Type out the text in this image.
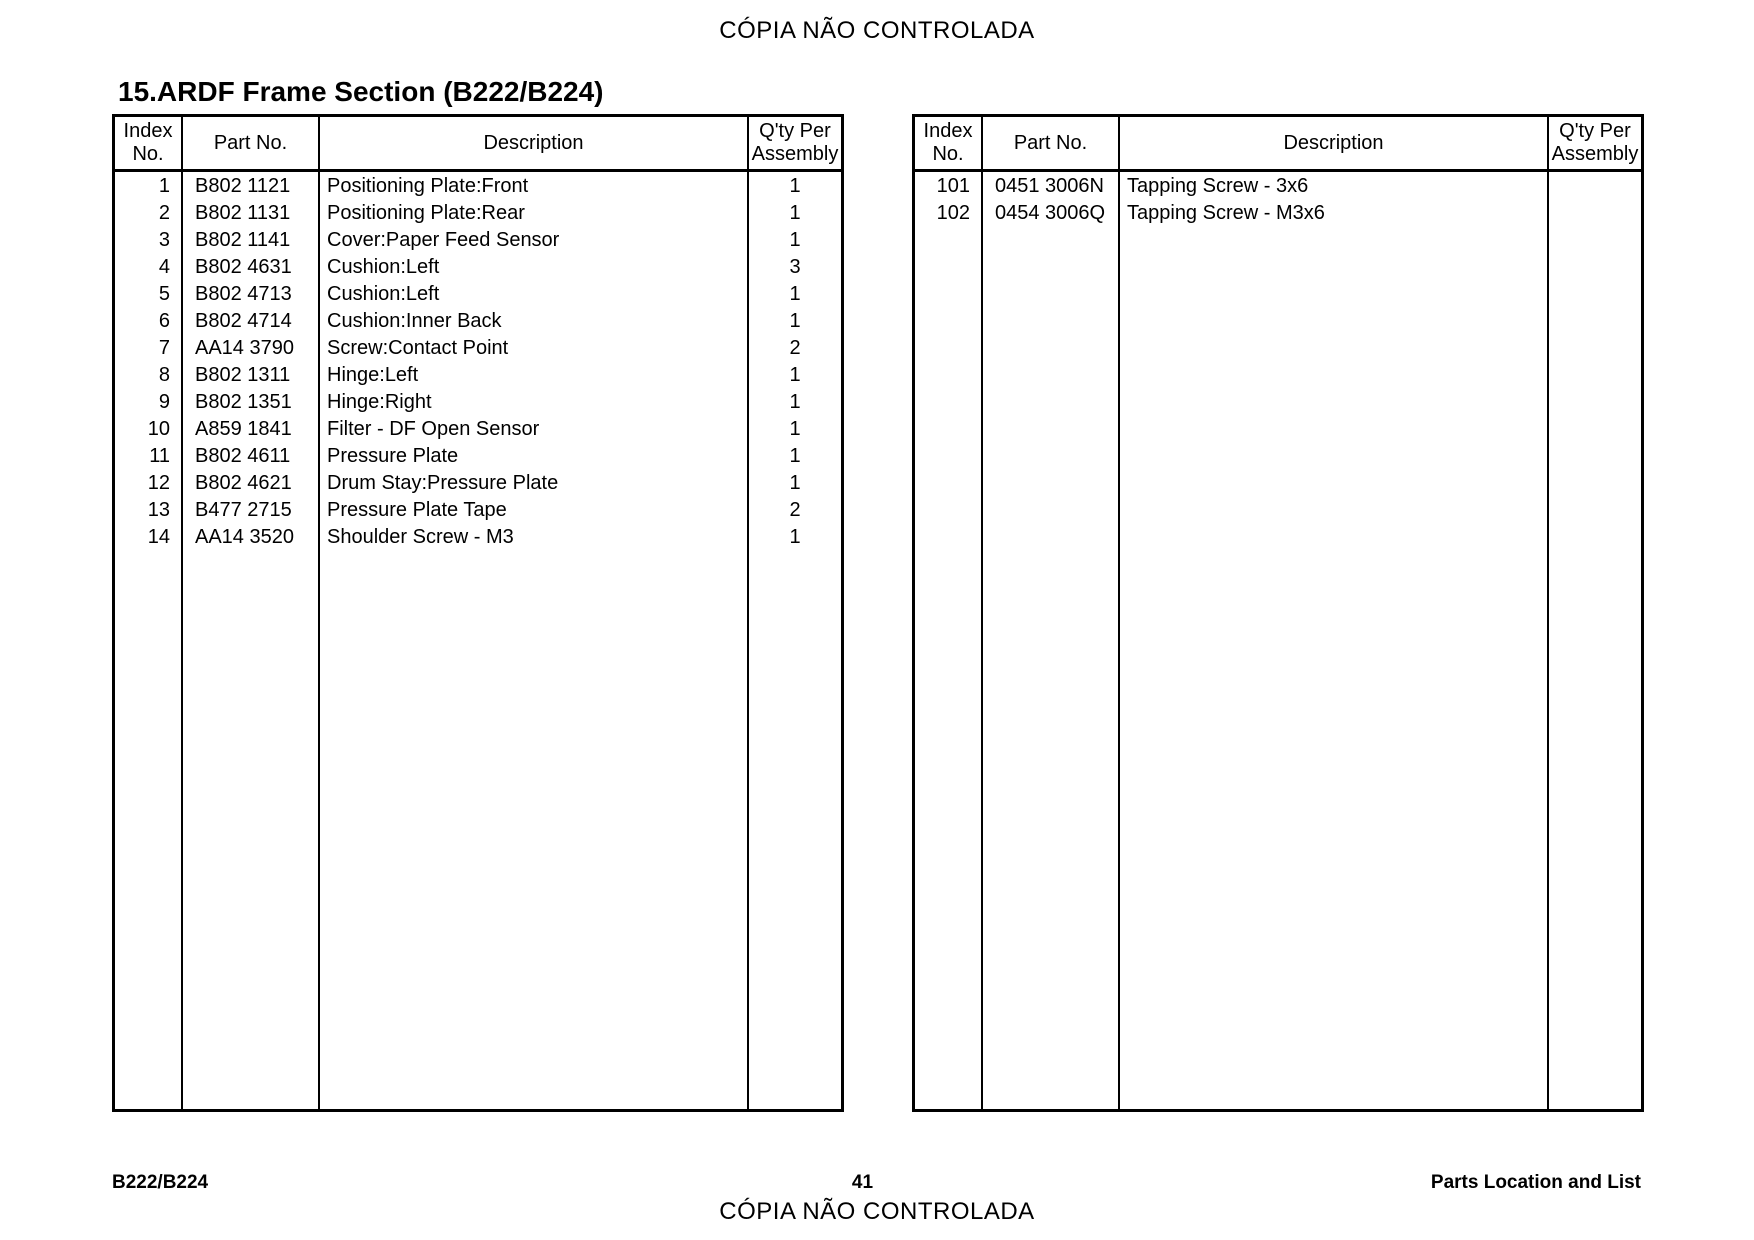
CÓPIA NÃO CONTROLADA
15.ARDF Frame Section (B222/B224)
Index
No.
Part No.	Description
Q'ty Per
Assembly
1 B802 1121	Positioning Plate:Front	1
2 B802 1131	Positioning Plate:Rear	1
3 B802 1141	Cover:Paper Feed Sensor	1
4 B802 4631	Cushion:Left	3
5 B802 4713	Cushion:Left	1
6 B802 4714	Cushion:Inner Back	1
7 AA14 3790	Screw:Contact Point	2
8 B802 1311	Hinge:Left	1
9 B802 1351	Hinge:Right	1
10 A859 1841	Filter - DF Open Sensor	1
11 B802 4611	Pressure Plate	1
12 B802 4621	Drum Stay:Pressure Plate	1
13 B477 2715	Pressure Plate Tape	2
14 AA14 3520	Shoulder Screw - M3	1
Index
No.
Part No.	Description
Q'ty Per
Assembly
101 0451 3006N	Tapping Screw - 3x6
102 0454 3006Q	Tapping Screw - M3x6
B222/B224	41	Parts Location and List
CÓPIA NÃO CONTROLADA
